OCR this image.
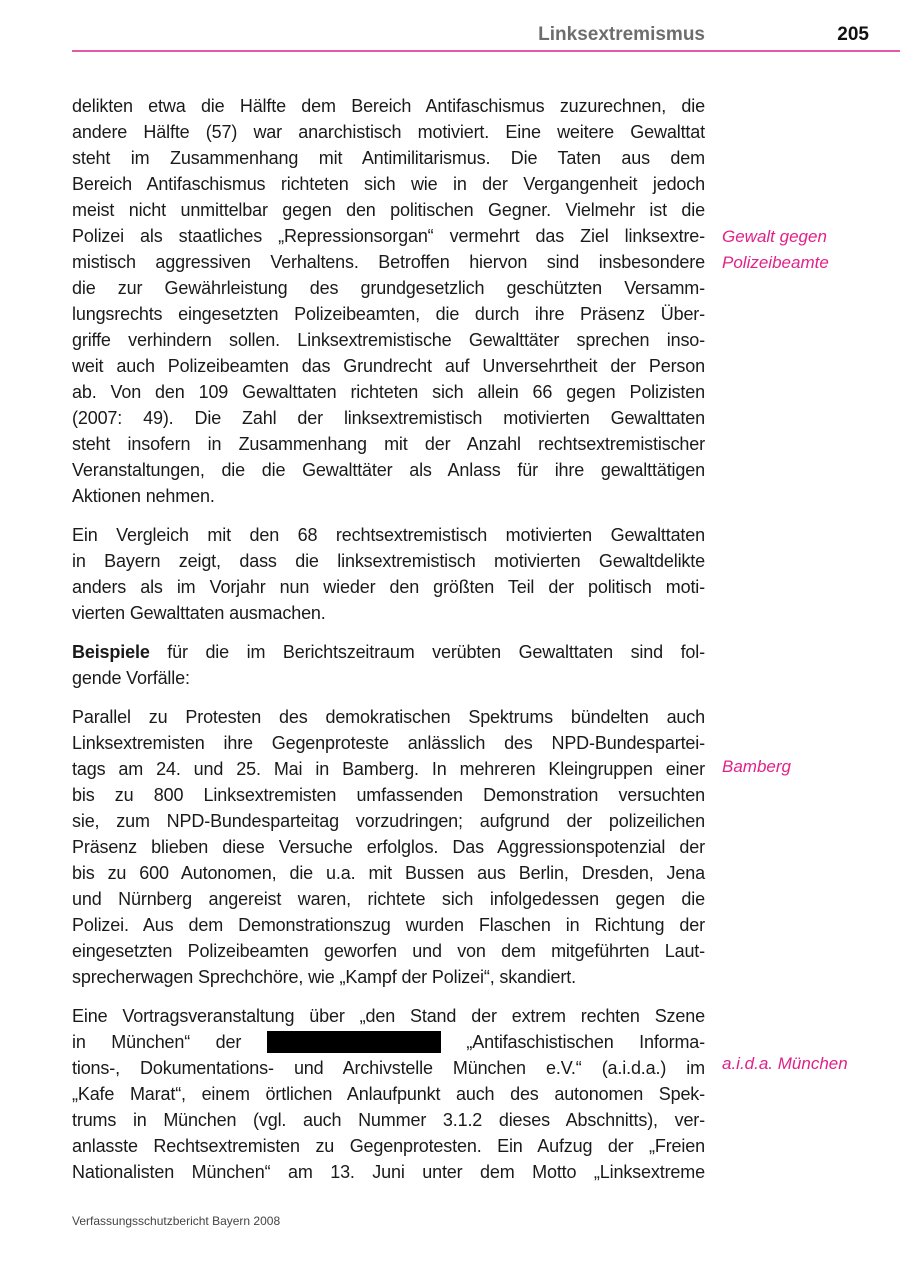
Linksextremismus	205
delikten etwa die Hälfte dem Bereich Antifaschismus zuzurechnen, die
andere Hälfte (57) war anarchistisch motiviert. Eine weitere Gewalttat
steht im Zusammenhang mit Antimilitarismus. Die Taten aus dem
Bereich Antifaschismus richteten sich wie in der Vergangenheit jedoch
meist nicht unmittelbar gegen den politischen Gegner. Vielmehr ist die
Polizei als staatliches „Repressionsorgan“ vermehrt das Ziel linksextre-
mistisch aggressiven Verhaltens. Betroffen hiervon sind insbesondere
die zur Gewährleistung des grundgesetzlich geschützten Versamm-
lungsrechts eingesetzten Polizeibeamten, die durch ihre Präsenz Über-
griffe verhindern sollen. Linksextremistische Gewalttäter sprechen inso-
weit auch Polizeibeamten das Grundrecht auf Unversehrtheit der Person
ab. Von den 109 Gewalttaten richteten sich allein 66 gegen Polizisten
(2007: 49). Die Zahl der linksextremistisch motivierten Gewalttaten
steht insofern in Zusammenhang mit der Anzahl rechtsextremistischer
Veranstaltungen, die die Gewalttäter als Anlass für ihre gewalttätigen
Aktionen nehmen.
Ein Vergleich mit den 68 rechtsextremistisch motivierten Gewalttaten
in Bayern zeigt, dass die linksextremistisch motivierten Gewaltdelikte
anders als im Vorjahr nun wieder den größten Teil der politisch moti-
vierten Gewalttaten ausmachen.
Beispiele für die im Berichtszeitraum verübten Gewalttaten sind fol-
gende Vorfälle:
Parallel zu Protesten des demokratischen Spektrums bündelten auch
Linksextremisten ihre Gegenproteste anlässlich des NPD-Bundespartei-
tags am 24. und 25. Mai in Bamberg. In mehreren Kleingruppen einer
bis zu 800 Linksextremisten umfassenden Demonstration versuchten
sie, zum NPD-Bundesparteitag vorzudringen; aufgrund der polizeilichen
Präsenz blieben diese Versuche erfolglos. Das Aggressionspotenzial der
bis zu 600 Autonomen, die u.a. mit Bussen aus Berlin, Dresden, Jena
und Nürnberg angereist waren, richtete sich infolgedessen gegen die
Polizei. Aus dem Demonstrationszug wurden Flaschen in Richtung der
eingesetzten Polizeibeamten geworfen und von dem mitgeführten Laut-
sprecherwagen Sprechchöre, wie „Kampf der Polizei“, skandiert.
Eine Vortragsveranstaltung über „den Stand der extrem rechten Szene
in München“ der	„Antifaschistischen Informa-
tions-, Dokumentations- und Archivstelle München e.V.“ (a.i.d.a.) im
„Kafe Marat“, einem örtlichen Anlaufpunkt auch des autonomen Spek-
trums in München (vgl. auch Nummer 3.1.2 dieses Abschnitts), ver-
anlasste Rechtsextremisten zu Gegenprotesten. Ein Aufzug der „Freien
Nationalisten München“ am 13. Juni unter dem Motto „Linksextreme
Gewalt gegen
Polizeibeamte
Bamberg
a.i.d.a. München
Verfassungsschutzbericht Bayern 2008
